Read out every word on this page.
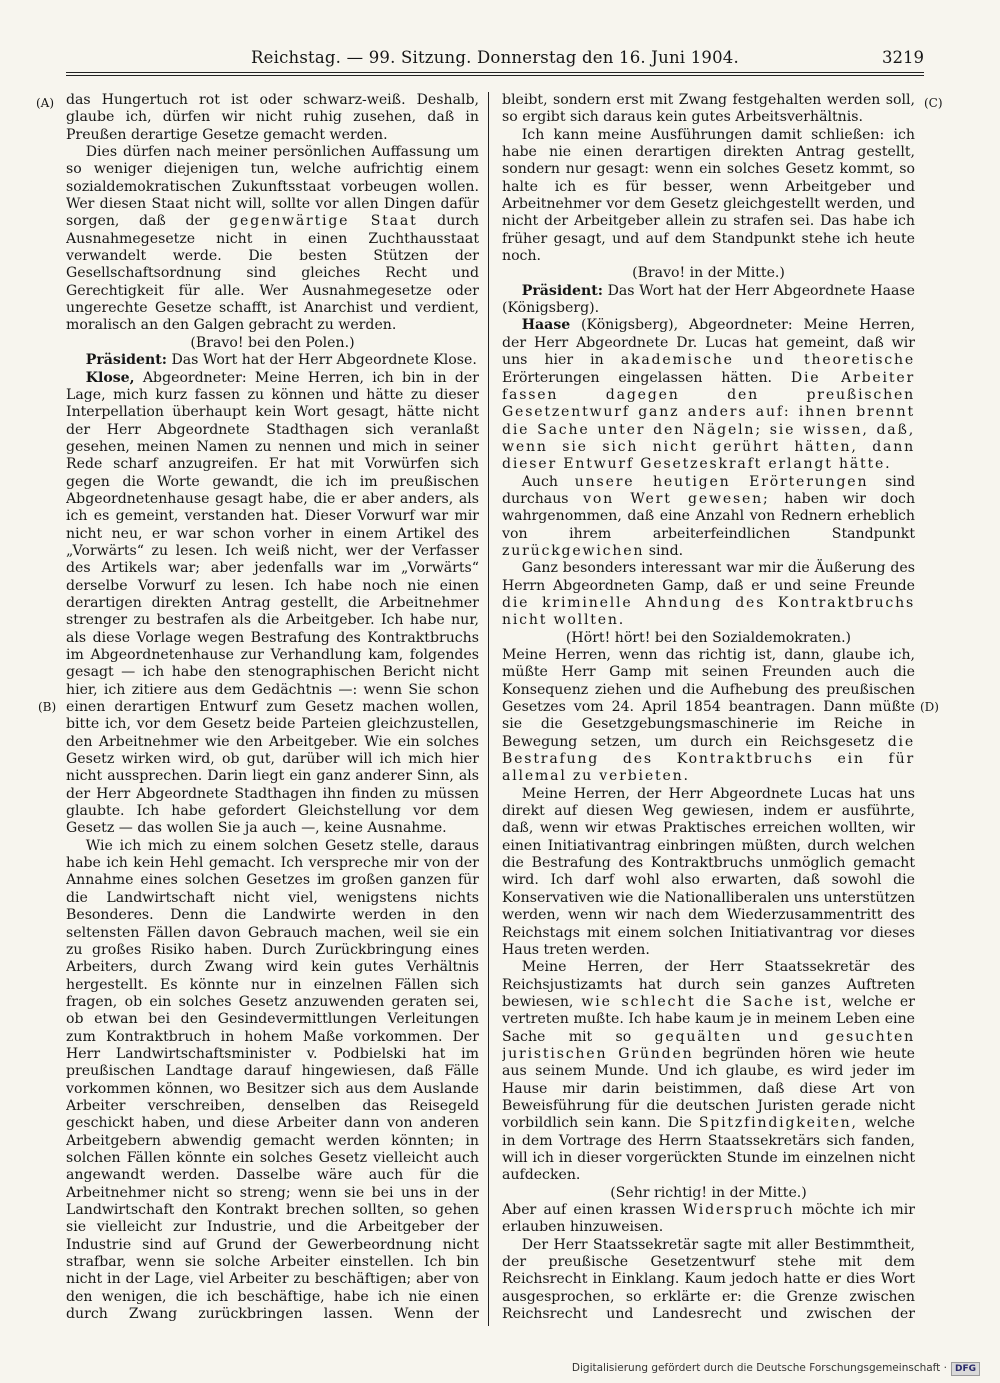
Reichstag. — 99. Sitzung. Donnerstag den 16. Juni 1904.	3219
(A)
(B)
(C)
(D)

das Hungertuch rot ist oder schwarz-weiß. Deshalb, glaube ich, dürfen wir nicht ruhig zusehen, daß in Preußen derartige Gesetze gemacht werden.

Dies dürfen nach meiner persönlichen Auffassung um so weniger diejenigen tun, welche aufrichtig einem sozialdemokratischen Zukunftsstaat vorbeugen wollen. Wer diesen Staat nicht will, sollte vor allen Dingen dafür sorgen, daß der gegenwärtige Staat durch Ausnahmegesetze nicht in einen Zuchthausstaat verwandelt werde. Die besten Stützen der Gesellschaftsordnung sind gleiches Recht und Gerechtigkeit für alle. Wer Ausnahmegesetze oder ungerechte Gesetze schafft, ist Anarchist und verdient, moralisch an den Galgen gebracht zu werden.

(Bravo! bei den Polen.)

Präsident: Das Wort hat der Herr Abgeordnete Klose.

Klose, Abgeordneter: Meine Herren, ich bin in der Lage, mich kurz fassen zu können und hätte zu dieser Interpellation überhaupt kein Wort gesagt, hätte nicht der Herr Abgeordnete Stadthagen sich veranlaßt gesehen, meinen Namen zu nennen und mich in seiner Rede scharf anzugreifen. Er hat mit Vorwürfen sich gegen die Worte gewandt, die ich im preußischen Abgeordnetenhause gesagt habe, die er aber anders, als ich es gemeint, verstanden hat. Dieser Vorwurf war mir nicht neu, er war schon vorher in einem Artikel des „Vorwärts“ zu lesen. Ich weiß nicht, wer der Verfasser des Artikels war; aber jedenfalls war im „Vorwärts“ derselbe Vorwurf zu lesen. Ich habe noch nie einen derartigen direkten Antrag gestellt, die Arbeitnehmer strenger zu bestrafen als die Arbeitgeber. Ich habe nur, als diese Vorlage wegen Bestrafung des Kontraktbruchs im Abgeordnetenhause zur Verhandlung kam, folgendes gesagt — ich habe den stenographischen Bericht nicht hier, ich zitiere aus dem Gedächtnis —: wenn Sie schon einen derartigen Entwurf zum Gesetz machen wollen, bitte ich, vor dem Gesetz beide Parteien gleichzustellen, den Arbeitnehmer wie den Arbeitgeber. Wie ein solches Gesetz wirken wird, ob gut, darüber will ich mich hier nicht aussprechen. Darin liegt ein ganz anderer Sinn, als der Herr Abgeordnete Stadthagen ihn finden zu müssen glaubte. Ich habe gefordert Gleichstellung vor dem Gesetz — das wollen Sie ja auch —, keine Ausnahme.

Wie ich mich zu einem solchen Gesetz stelle, daraus habe ich kein Hehl gemacht. Ich verspreche mir von der Annahme eines solchen Gesetzes im großen ganzen für die Landwirtschaft nicht viel, wenigstens nichts Besonderes. Denn die Landwirte werden in den seltensten Fällen davon Gebrauch machen, weil sie ein zu großes Risiko haben. Durch Zurückbringung eines Arbeiters, durch Zwang wird kein gutes Verhältnis hergestellt. Es könnte nur in einzelnen Fällen sich fragen, ob ein solches Gesetz anzuwenden geraten sei, ob etwan bei den Gesindevermittlungen Verleitungen zum Kontraktbruch in hohem Maße vorkommen. Der Herr Landwirtschaftsminister v. Podbielski hat im preußischen Landtage darauf hingewiesen, daß Fälle vorkommen können, wo Besitzer sich aus dem Auslande Arbeiter verschreiben, denselben das Reisegeld geschickt haben, und diese Arbeiter dann von anderen Arbeitgebern abwendig gemacht werden könnten; in solchen Fällen könnte ein solches Gesetz vielleicht auch angewandt werden. Dasselbe wäre auch für die Arbeitnehmer nicht so streng; wenn sie bei uns in der Landwirtschaft den Kontrakt brechen sollten, so gehen sie vielleicht zur Industrie, und die Arbeitgeber der Industrie sind auf Grund der Gewerbeordnung nicht strafbar, wenn sie solche Arbeiter einstellen. Ich bin nicht in der Lage, viel Arbeiter zu beschäftigen; aber von den wenigen, die ich beschäftige, habe ich nie einen durch Zwang zurückbringen lassen. Wenn der

bleibt, sondern erst mit Zwang festgehalten werden soll, so ergibt sich daraus kein gutes Arbeitsverhältnis.

Ich kann meine Ausführungen damit schließen: ich habe nie einen derartigen direkten Antrag gestellt, sondern nur gesagt: wenn ein solches Gesetz kommt, so halte ich es für besser, wenn Arbeitgeber und Arbeitnehmer vor dem Gesetz gleichgestellt werden, und nicht der Arbeitgeber allein zu strafen sei. Das habe ich früher gesagt, und auf dem Standpunkt stehe ich heute noch.

(Bravo! in der Mitte.)

Präsident: Das Wort hat der Herr Abgeordnete Haase (Königsberg).

Haase (Königsberg), Abgeordneter: Meine Herren, der Herr Abgeordnete Dr. Lucas hat gemeint, daß wir uns hier in akademische und theoretische Erörterungen eingelassen hätten. Die Arbeiter fassen dagegen den preußischen Gesetzentwurf ganz anders auf: ihnen brennt die Sache unter den Nägeln; sie wissen, daß, wenn sie sich nicht gerührt hätten, dann dieser Entwurf Gesetzeskraft erlangt hätte.

Auch unsere heutigen Erörterungen sind durchaus von Wert gewesen; haben wir doch wahrgenommen, daß eine Anzahl von Rednern erheblich von ihrem arbeiterfeindlichen Standpunkt zurückgewichen sind.

Ganz besonders interessant war mir die Äußerung des Herrn Abgeordneten Gamp, daß er und seine Freunde die kriminelle Ahndung des Kontraktbruchs nicht wollten.

(Hört! hört! bei den Sozialdemokraten.)

Meine Herren, wenn das richtig ist, dann, glaube ich, müßte Herr Gamp mit seinen Freunden auch die Konsequenz ziehen und die Aufhebung des preußischen Gesetzes vom 24. April 1854 beantragen. Dann müßte sie die Gesetzgebungsmaschinerie im Reiche in Bewegung setzen, um durch ein Reichsgesetz die Bestrafung des Kontraktbruchs ein für allemal zu verbieten.

Meine Herren, der Herr Abgeordnete Lucas hat uns direkt auf diesen Weg gewiesen, indem er ausführte, daß, wenn wir etwas Praktisches erreichen wollten, wir einen Initiativantrag einbringen müßten, durch welchen die Bestrafung des Kontraktbruchs unmöglich gemacht wird. Ich darf wohl also erwarten, daß sowohl die Konservativen wie die Nationalliberalen uns unterstützen werden, wenn wir nach dem Wiederzusammentritt des Reichstags mit einem solchen Initiativantrag vor dieses Haus treten werden.

Meine Herren, der Herr Staatssekretär des Reichsjustizamts hat durch sein ganzes Auftreten bewiesen, wie schlecht die Sache ist, welche er vertreten mußte. Ich habe kaum je in meinem Leben eine Sache mit so gequälten und gesuchten juristischen Gründen begründen hören wie heute aus seinem Munde. Und ich glaube, es wird jeder im Hause mir darin beistimmen, daß diese Art von Beweisführung für die deutschen Juristen gerade nicht vorbildlich sein kann. Die Spitzfindigkeiten, welche in dem Vortrage des Herrn Staatssekretärs sich fanden, will ich in dieser vorgerückten Stunde im einzelnen nicht aufdecken.

(Sehr richtig! in der Mitte.)

Aber auf einen krassen Widerspruch möchte ich mir erlauben hinzuweisen.

Der Herr Staatssekretär sagte mit aller Bestimmtheit, der preußische Gesetzentwurf stehe mit dem Reichsrecht in Einklang. Kaum jedoch hatte er dies Wort ausgesprochen, so erklärte er: die Grenze zwischen Reichsrecht und Landesrecht und zwischen der

Digitalisierung gefördert durch die Deutsche Forschungsgemeinschaft · DFG
